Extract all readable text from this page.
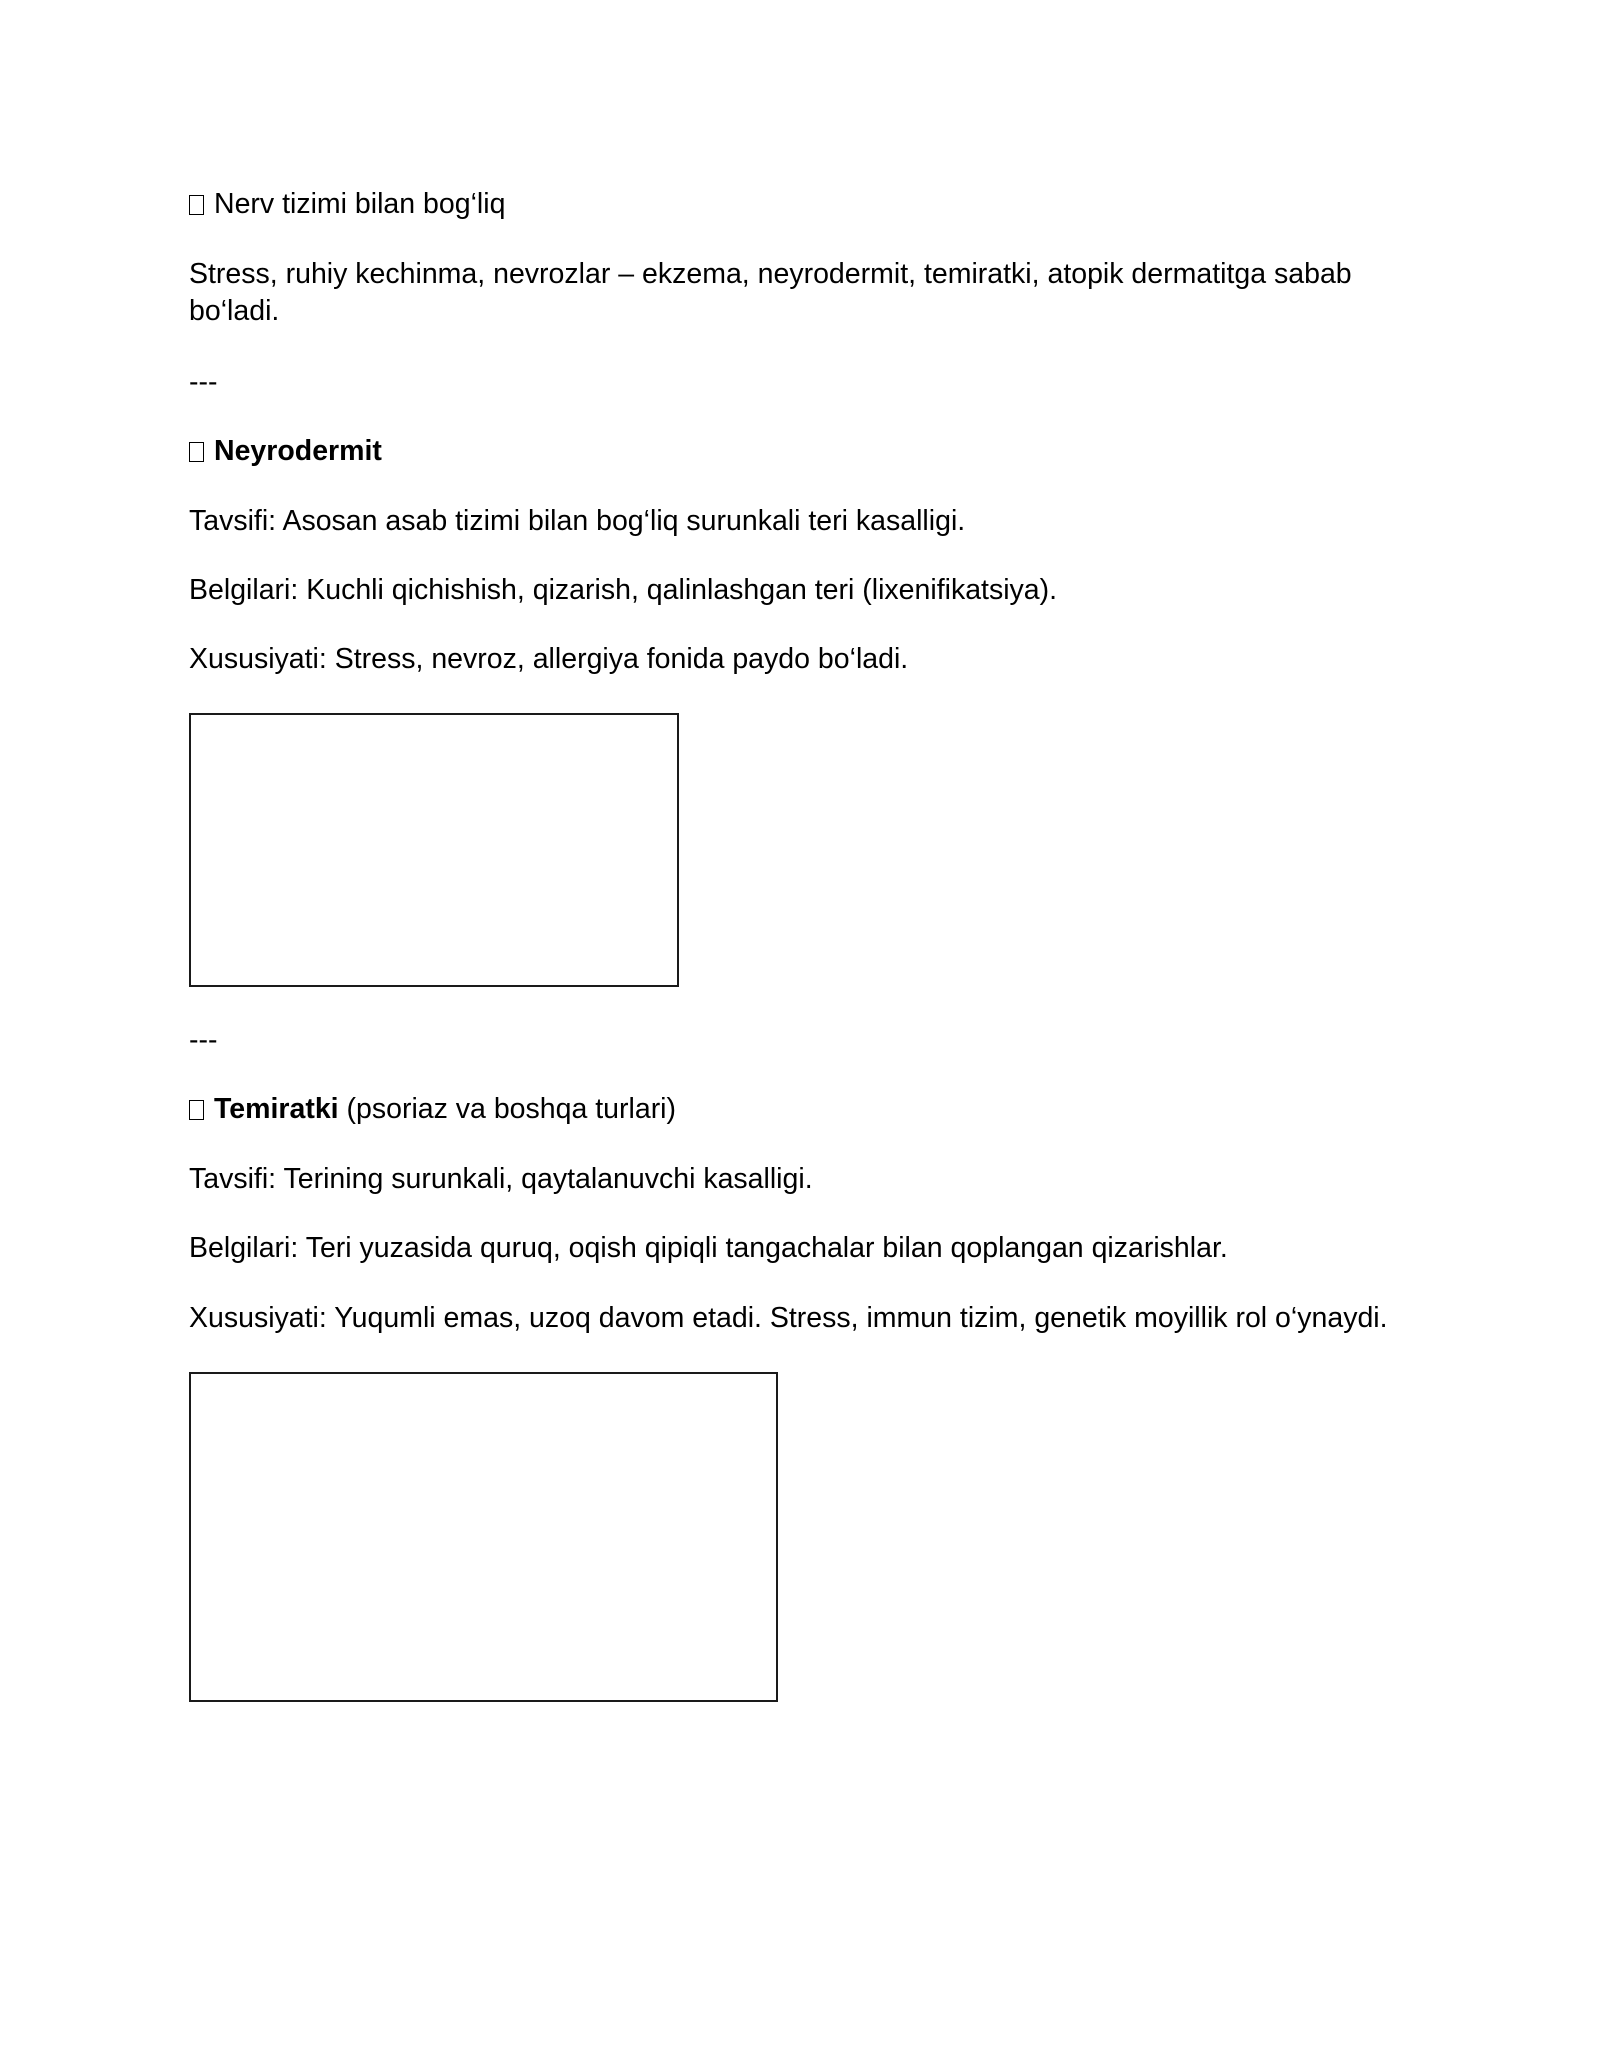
Nerv tizimi bilan bog‘liq
Stress, ruhiy kechinma, nevrozlar – ekzema, neyrodermit, temiratki, atopik dermatitga sabab bo‘ladi.
---
Neyrodermit
Tavsifi: Asosan asab tizimi bilan bog‘liq surunkali teri kasalligi.
Belgilari: Kuchli qichishish, qizarish, qalinlashgan teri (lixenifikatsiya).
Xususiyati: Stress, nevroz, allergiya fonida paydo bo‘ladi.
---
Temiratki (psoriaz va boshqa turlari)
Tavsifi: Terining surunkali, qaytalanuvchi kasalligi.
Belgilari: Teri yuzasida quruq, oqish qipiqli tangachalar bilan qoplangan qizarishlar.
Xususiyati: Yuqumli emas, uzoq davom etadi. Stress, immun tizim, genetik moyillik rol o‘ynaydi.
